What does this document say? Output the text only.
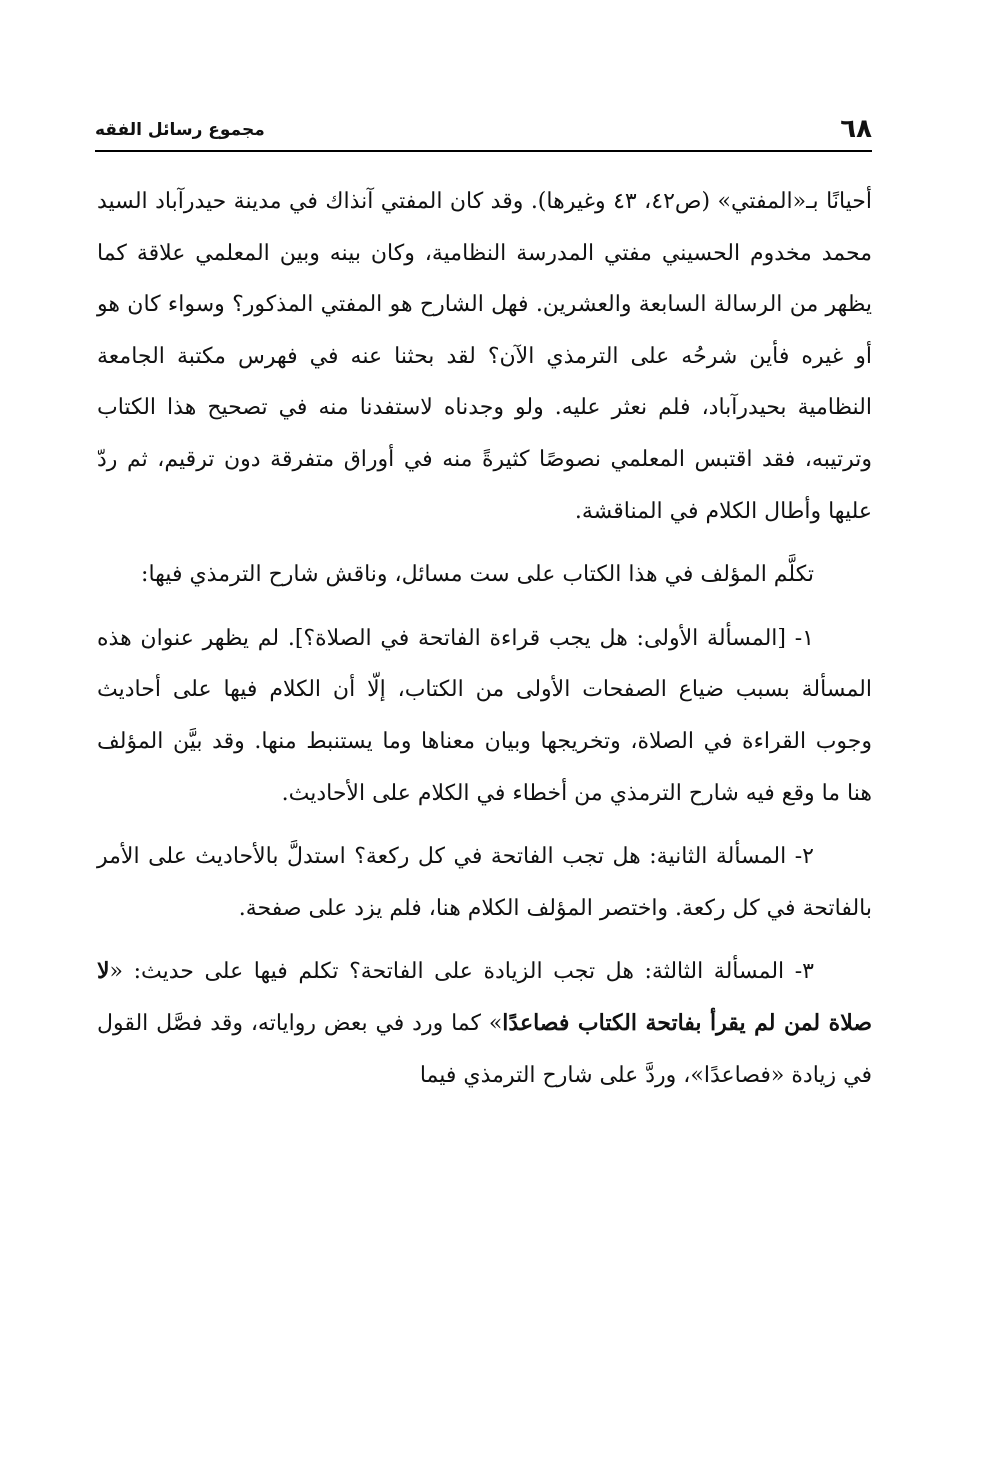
٦٨
مجموع رسائل الفقه

أحيانًا بـ«المفتي» (ص٤٢، ٤٣ وغيرها). وقد كان المفتي آنذاك في مدينة حيدرآباد السيد محمد مخدوم الحسيني مفتي المدرسة النظامية، وكان بينه وبين المعلمي علاقة كما يظهر من الرسالة السابعة والعشرين. فهل الشارح هو المفتي المذكور؟ وسواء كان هو أو غيره فأين شرحُه على الترمذي الآن؟ لقد بحثنا عنه في فهرس مكتبة الجامعة النظامية بحيدرآباد، فلم نعثر عليه. ولو وجدناه لاستفدنا منه في تصحيح هذا الكتاب وترتيبه، فقد اقتبس المعلمي نصوصًا كثيرةً منه في أوراق متفرقة دون ترقيم، ثم ردّ عليها وأطال الكلام في المناقشة.

تكلَّم المؤلف في هذا الكتاب على ست مسائل، وناقش شارح الترمذي فيها:

١- [المسألة الأولى: هل يجب قراءة الفاتحة في الصلاة؟]. لم يظهر عنوان هذه المسألة بسبب ضياع الصفحات الأولى من الكتاب، إلّا أن الكلام فيها على أحاديث وجوب القراءة في الصلاة، وتخريجها وبيان معناها وما يستنبط منها. وقد بيَّن المؤلف هنا ما وقع فيه شارح الترمذي من أخطاء في الكلام على الأحاديث.

٢- المسألة الثانية: هل تجب الفاتحة في كل ركعة؟ استدلَّ بالأحاديث على الأمر بالفاتحة في كل ركعة. واختصر المؤلف الكلام هنا، فلم يزد على صفحة.

٣- المسألة الثالثة: هل تجب الزيادة على الفاتحة؟ تكلم فيها على حديث: «لا صلاة لمن لم يقرأ بفاتحة الكتاب فصاعدًا» كما ورد في بعض رواياته، وقد فصَّل القول في زيادة «فصاعدًا»، وردَّ على شارح الترمذي فيما
